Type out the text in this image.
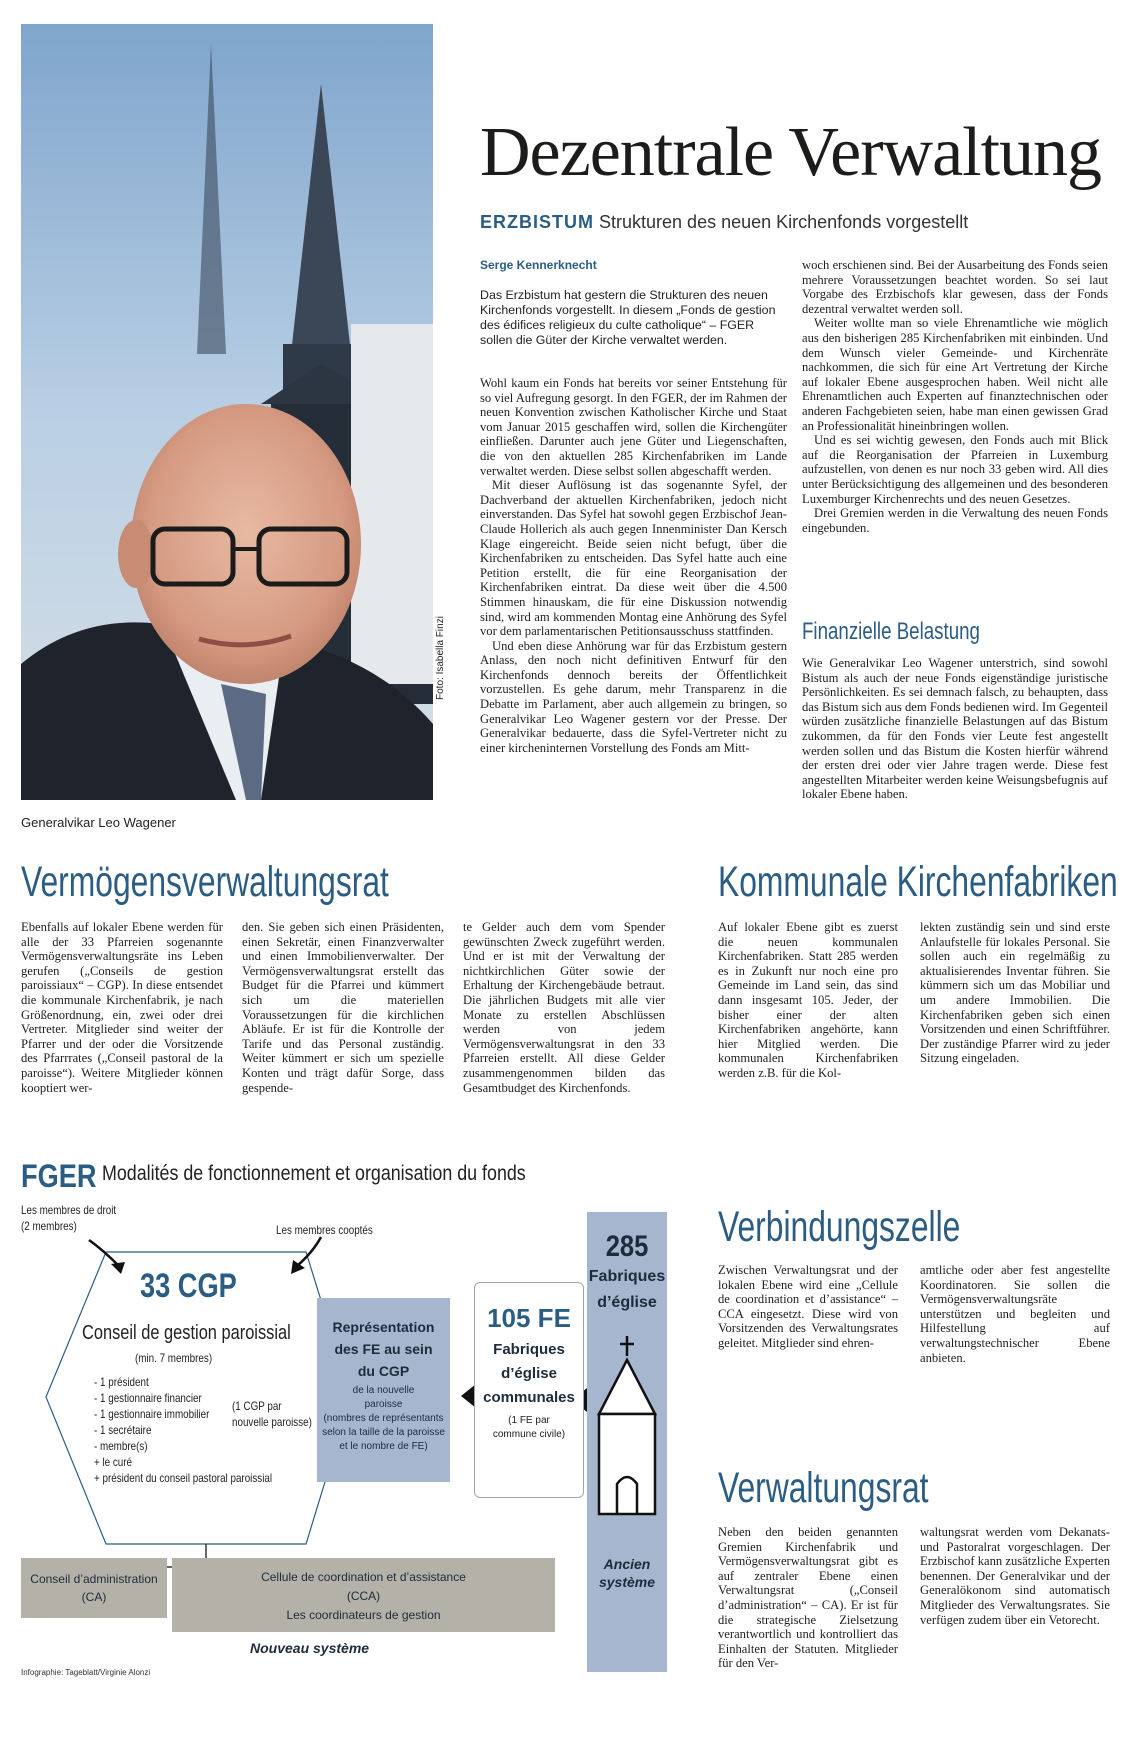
Foto: Isabella Finzi
Generalvikar Leo Wagener
Dezentrale Verwaltung
ERZBISTUM Strukturen des neuen Kirchenfonds vorgestellt
Serge Kennerknecht
Das Erzbistum hat gestern die Strukturen des neuen Kirchenfonds vorgestellt. In diesem „Fonds de gestion des édifices religieux du culte catholique“ – FGER sollen die Güter der Kirche verwaltet werden.

Wohl kaum ein Fonds hat bereits vor seiner Entstehung für so viel Aufregung gesorgt. In den FGER, der im Rahmen der neuen Konvention zwischen Katholischer Kirche und Staat vom Januar 2015 geschaffen wird, sollen die Kirchengüter einfließen. Darunter auch jene Güter und Liegenschaften, die von den aktuellen 285 Kirchenfabriken im Lande verwaltet werden. Diese selbst sollen abgeschafft werden.

Mit dieser Auflösung ist das sogenannte Syfel, der Dachverband der aktuellen Kirchenfabriken, jedoch nicht einverstanden. Das Syfel hat sowohl gegen Erzbischof Jean-Claude Hollerich als auch gegen Innenminister Dan Kersch Klage eingereicht. Beide seien nicht befugt, über die Kirchenfabriken zu entscheiden. Das Syfel hatte auch eine Petition erstellt, die für eine Reorganisation der Kirchenfabriken eintrat. Da diese weit über die 4.500 Stimmen hinauskam, die für eine Diskussion notwendig sind, wird am kommenden Montag eine Anhörung des Syfel vor dem parlamentarischen Petitionsausschuss stattfinden.

Und eben diese Anhörung war für das Erzbistum gestern Anlass, den noch nicht definitiven Entwurf für den Kirchenfonds dennoch bereits der Öffentlichkeit vorzustellen. Es gehe darum, mehr Transparenz in die Debatte im Parlament, aber auch allgemein zu bringen, so Generalvikar Leo Wagener gestern vor der Presse. Der Generalvikar bedauerte, dass die Syfel-Vertreter nicht zu einer kircheninternen Vorstellung des Fonds am Mitt-

woch erschienen sind. Bei der Ausarbeitung des Fonds seien mehrere Voraussetzungen beachtet worden. So sei laut Vorgabe des Erzbischofs klar gewesen, dass der Fonds dezentral verwaltet werden soll.

Weiter wollte man so viele Ehrenamtliche wie möglich aus den bisherigen 285 Kirchenfabriken mit einbinden. Und dem Wunsch vieler Gemeinde- und Kirchenräte nachkommen, die sich für eine Art Vertretung der Kirche auf lokaler Ebene ausgesprochen haben. Weil nicht alle Ehrenamtlichen auch Experten auf finanztechnischen oder anderen Fachgebieten seien, habe man einen gewissen Grad an Professionalität hineinbringen wollen.

Und es sei wichtig gewesen, den Fonds auch mit Blick auf die Reorganisation der Pfarreien in Luxemburg aufzustellen, von denen es nur noch 33 geben wird. All dies unter Berücksichtigung des allgemeinen und des besonderen Luxemburger Kirchenrechts und des neuen Gesetzes.

Drei Gremien werden in die Verwaltung des neuen Fonds eingebunden.

Finanzielle Belastung

Wie Generalvikar Leo Wagener unterstrich, sind sowohl Bistum als auch der neue Fonds eigenständige juristische Persönlichkeiten. Es sei demnach falsch, zu behaupten, dass das Bistum sich aus dem Fonds bedienen wird. Im Gegenteil würden zusätzliche finanzielle Belastungen auf das Bistum zukommen, da für den Fonds vier Leute fest angestellt werden sollen und das Bistum die Kosten hierfür während der ersten drei oder vier Jahre tragen werde. Diese fest angestellten Mitarbeiter werden keine Weisungsbefugnis auf lokaler Ebene haben.

Vermögensverwaltungsrat

Ebenfalls auf lokaler Ebene werden für alle der 33 Pfarreien sogenannte Vermögensverwaltungsräte ins Leben gerufen („Conseils de gestion paroissiaux“ – CGP). In diese entsendet die kommunale Kirchenfabrik, je nach Größenordnung, ein, zwei oder drei Vertreter. Mitglieder sind weiter der Pfarrer und der oder die Vorsitzende des Pfarrrates („Conseil pastoral de la paroisse“). Weitere Mitglieder können kooptiert wer-

den. Sie geben sich einen Präsidenten, einen Sekretär, einen Finanzverwalter und einen Immobilienverwalter. Der Vermögensverwaltungsrat erstellt das Budget für die Pfarrei und kümmert sich um die materiellen Voraussetzungen für die kirchlichen Abläufe. Er ist für die Kontrolle der Tarife und das Personal zuständig. Weiter kümmert er sich um spezielle Konten und trägt dafür Sorge, dass gespende-

te Gelder auch dem vom Spender gewünschten Zweck zugeführt werden. Und er ist mit der Verwaltung der nichtkirchlichen Güter sowie der Erhaltung der Kirchengebäude betraut. Die jährlichen Budgets mit alle vier Monate zu erstellen Abschlüssen werden von jedem Vermögensverwaltungsrat in den 33 Pfarreien erstellt. All diese Gelder zusammengenommen bilden das Gesamtbudget des Kirchenfonds.

Kommunale Kirchenfabriken

Auf lokaler Ebene gibt es zuerst die neuen kommunalen Kirchenfabriken. Statt 285 werden es in Zukunft nur noch eine pro Gemeinde im Land sein, das sind dann insgesamt 105. Jeder, der bisher einer der alten Kirchenfabriken angehörte, kann hier Mitglied werden. Die kommunalen Kirchenfabriken werden z.B. für die Kol-

lekten zuständig sein und sind erste Anlaufstelle für lokales Personal. Sie sollen auch ein regelmäßig zu aktualisierendes Inventar führen. Sie kümmern sich um das Mobiliar und um andere Immobilien. Die Kirchenfabriken geben sich einen Vorsitzenden und einen Schriftführer. Der zuständige Pfarrer wird zu jeder Sitzung eingeladen.

FGER Modalités de fonctionnement et organisation du fonds
Les membres de droit
(2 membres)	Les membres cooptés
33 CGP
Conseil de gestion paroissial
(min. 7 membres)
- 1 président
- 1 gestionnaire financier
- 1 gestionnaire immobilier
- 1 secrétaire
- membre(s)
+ le curé
+ président du conseil pastoral paroissial
(1 CGP par
nouvelle paroisse)
Représentation
des FE au sein
du CGP
de la nouvelle
paroisse
(nombres de représentants
selon la taille de la paroisse
et le nombre de FE)
105 FE
Fabriques
d’église
communales
(1 FE par
commune civile)
285
Fabriques
d’église
Ancien
système
Conseil d’administration
(CA)
Cellule de coordination et d’assistance
(CCA)
Les coordinateurs de gestion
Nouveau système
Infographie: Tageblatt/Virginie Alonzi
Verbindungszelle

Zwischen Verwaltungsrat und der lokalen Ebene wird eine „Cellule de coordination et d’assistance“ – CCA eingesetzt. Diese wird von Vorsitzenden des Verwaltungsrates geleitet. Mitglieder sind ehren-

amtliche oder aber fest angestellte Koordinatoren. Sie sollen die Vermögensverwaltungsräte unterstützen und begleiten und Hilfestellung auf verwaltungstechnischer Ebene anbieten.

Verwaltungsrat

Neben den beiden genannten Gremien Kirchenfabrik und Vermögensverwaltungsrat gibt es auf zentraler Ebene einen Verwaltungsrat („Conseil d’administration“ – CA). Er ist für die strategische Zielsetzung verantwortlich und kontrolliert das Einhalten der Statuten. Mitglieder für den Ver-

waltungsrat werden vom Dekanats- und Pastoralrat vorgeschlagen. Der Erzbischof kann zusätzliche Experten benennen. Der Generalvikar und der Generalökonom sind automatisch Mitglieder des Verwaltungsrates. Sie verfügen zudem über ein Vetorecht.
